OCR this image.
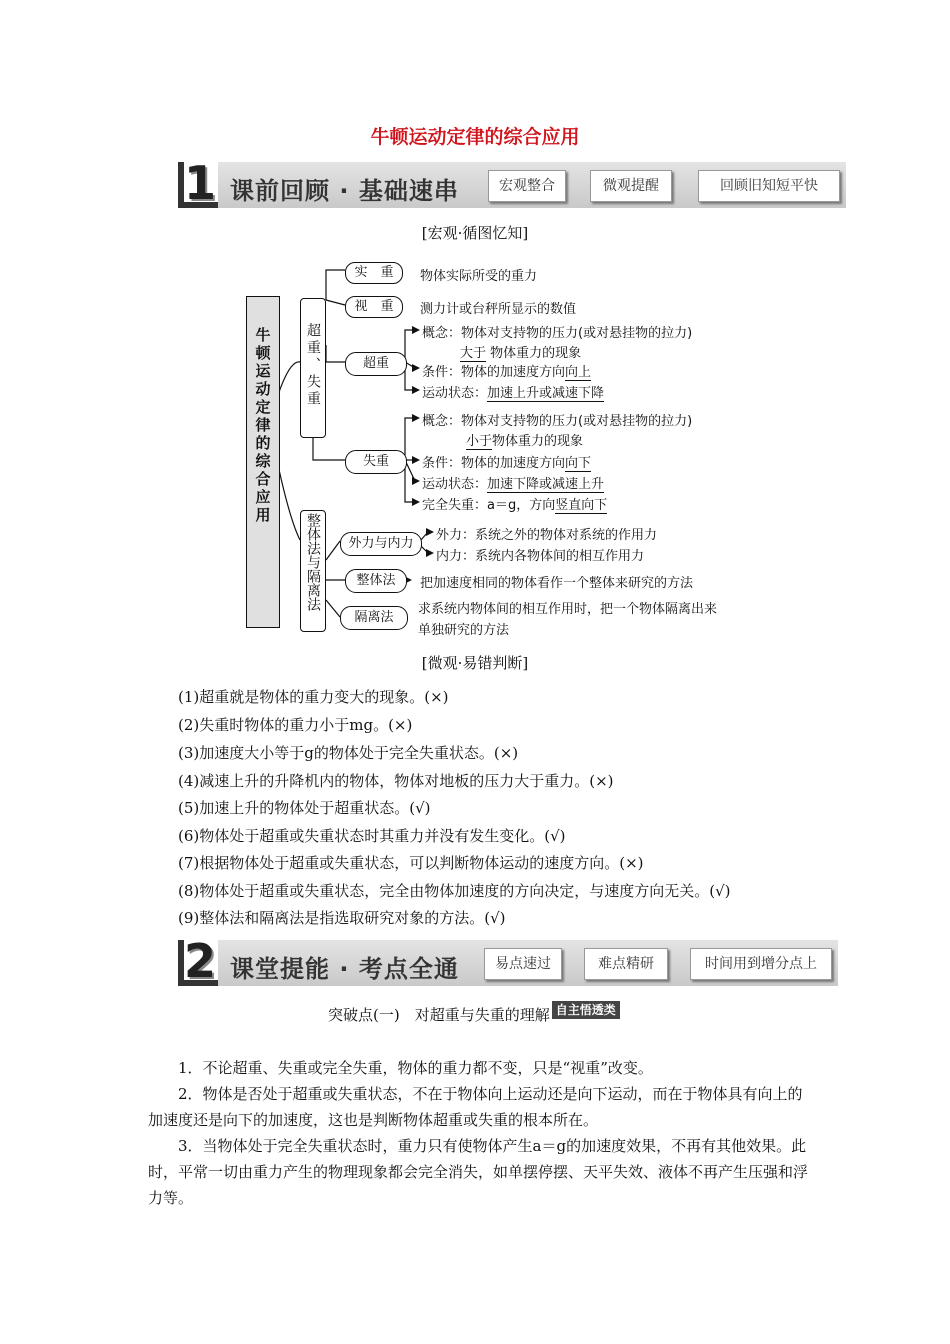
牛顿运动定律的综合应用
1 课前回顾 · 基础速串	宏观整合	微观提醒	回顾旧知短平快
[宏观·循图忆知]
牛顿运动定律的综合应用 超重、失重
整体法与隔离法
实　重	物体实际所受的重力
视　重	测力计或台秤所显示的数值
超重
概念：物体对支持物的压力(或对悬挂物的拉力)
大于 物体重力的现象
条件：物体的加速度方向向上
运动状态：加速上升或减速下降
失重
概念：物体对支持物的压力(或对悬挂物的拉力)
小于物体重力的现象
条件：物体的加速度方向向下
运动状态：加速下降或减速上升
完全失重：a＝g，方向竖直向下
外力与内力
外力：系统之外的物体对系统的作用力
内力：系统内各物体间的相互作用力
整体法	把加速度相同的物体看作一个整体来研究的方法
隔离法
求系统内物体间的相互作用时，把一个物体隔离出来
单独研究的方法
[微观·易错判断]
(1)超重就是物体的重力变大的现象。(×)
(2)失重时物体的重力小于mg。(×)
(3)加速度大小等于g的物体处于完全失重状态。(×)
(4)减速上升的升降机内的物体，物体对地板的压力大于重力。(×)
(5)加速上升的物体处于超重状态。(√)
(6)物体处于超重或失重状态时其重力并没有发生变化。(√)
(7)根据物体处于超重或失重状态，可以判断物体运动的速度方向。(×)
(8)物体处于超重或失重状态，完全由物体加速度的方向决定，与速度方向无关。(√)
(9)整体法和隔离法是指选取研究对象的方法。(√)
2 课堂提能 · 考点全通	易点速过	难点精研	时间用到增分点上
突破点(一)　对超重与失重的理解 $^{自主悟透类}$

1．不论超重、失重或完全失重，物体的重力都不变，只是“视重”改变。

2．物体是否处于超重或失重状态，不在于物体向上运动还是向下运动，而在于物体具有向上的加速度还是向下的加速度，这也是判断物体超重或失重的根本所在。

3．当物体处于完全失重状态时，重力只有使物体产生a＝g的加速度效果，不再有其他效果。此时，平常一切由重力产生的物理现象都会完全消失，如单摆停摆、天平失效、液体不再产生压强和浮力等。
